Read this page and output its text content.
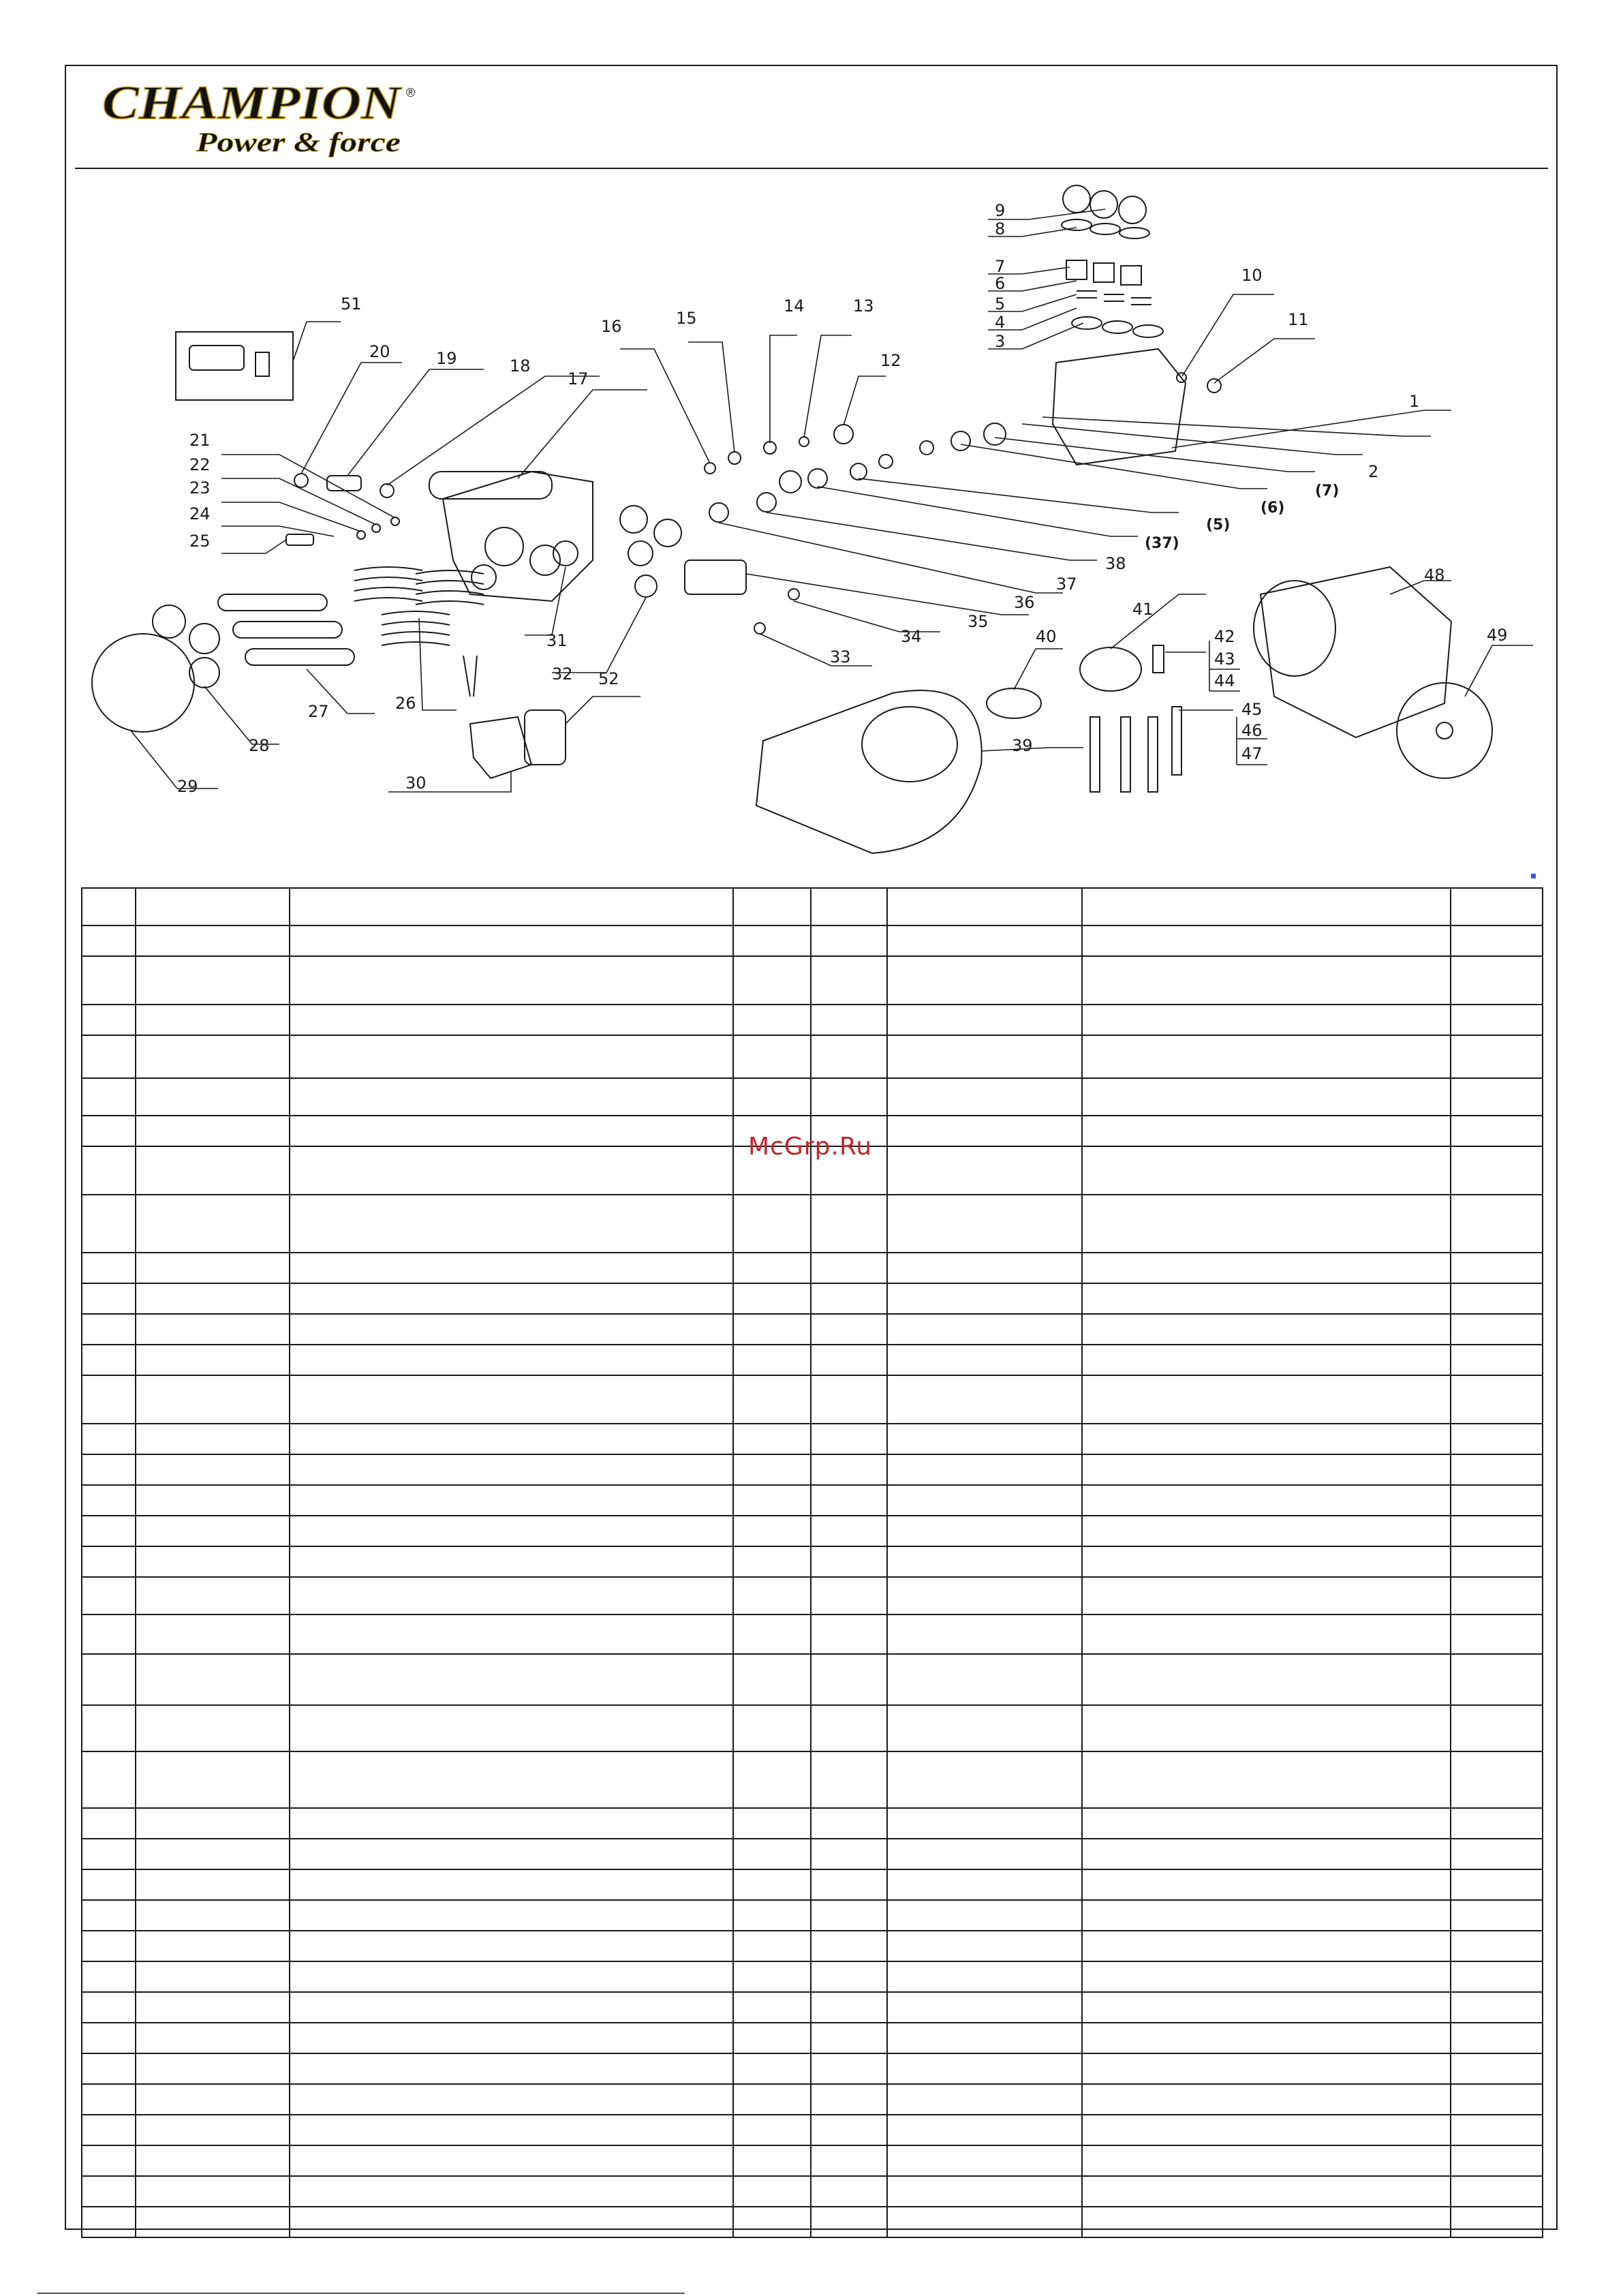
CHAMPION ®
Power & force
9
8
7
6
5
4
3
10
11
12
13
14
15
16
17
18
19
20
51
21
22
23
24
25
26
27
28
29	30
52
31
32
33
34
35
36
37
38
(37)
(5)
(6)
(7)
2
1
39
40
41
42
43
44
45
46
47
48
49

McGrp.Ru
